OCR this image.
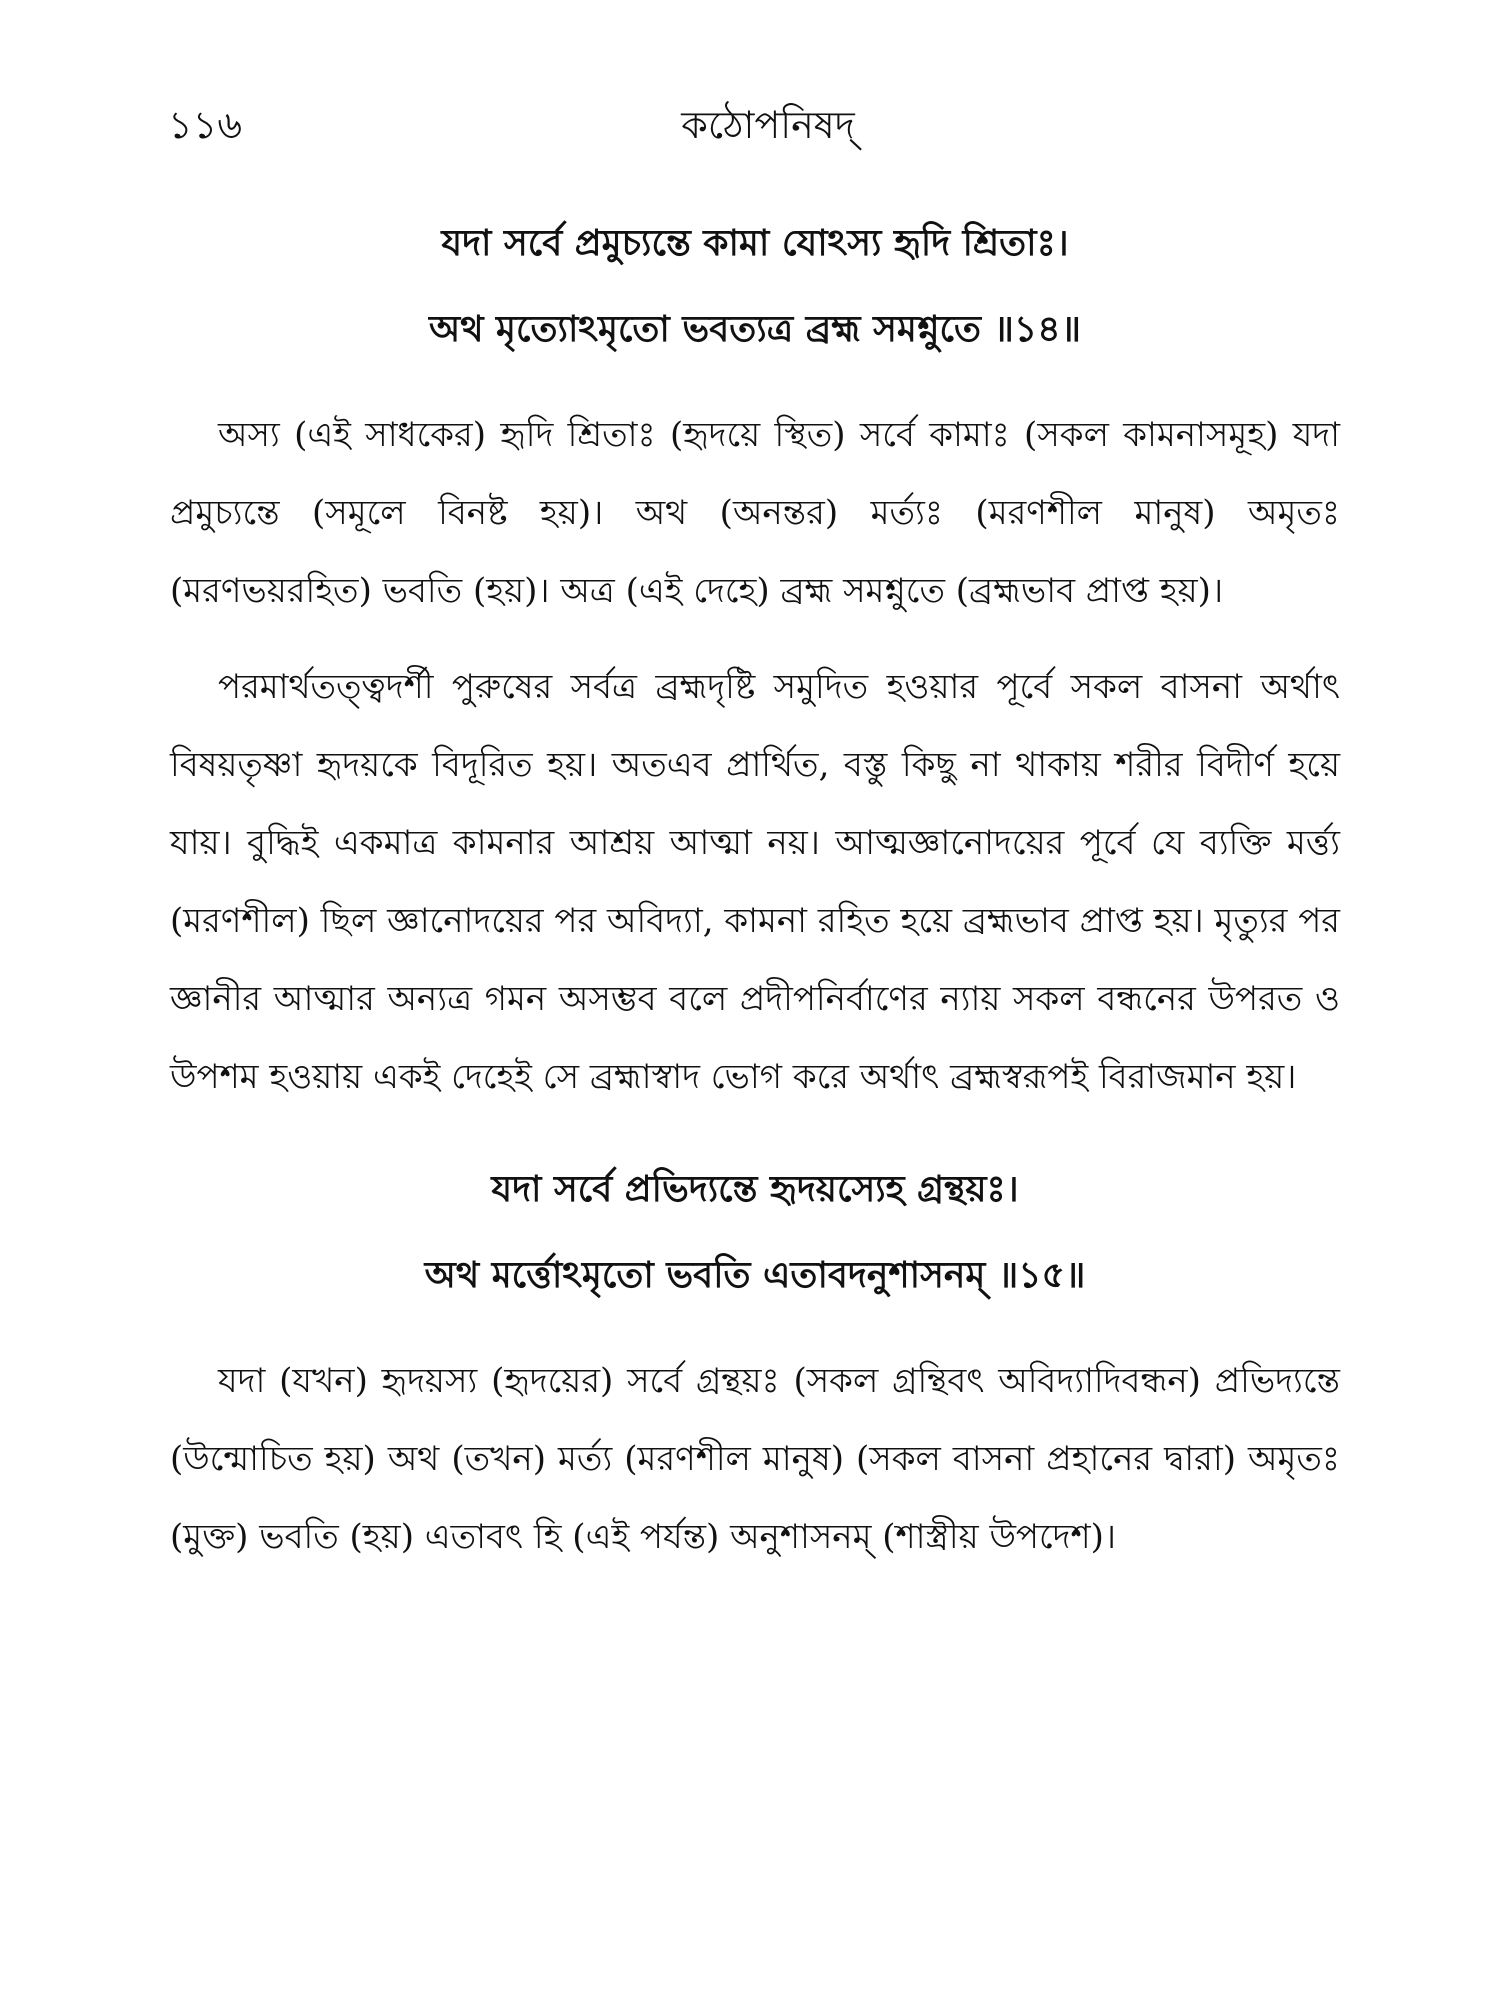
১১৬	কঠোপনিষদ্

যদা সর্বে প্রমুচ্যন্তে কামা যোঽস্য হৃদি শ্রিতাঃ।

অথ মৃত্যোঽমৃতো ভবত্যত্র ব্রহ্ম সমশ্নুতে ॥১৪॥

অস্য (এই সাধকের) হৃদি শ্রিতাঃ (হৃদয়ে স্থিত) সর্বে কামাঃ (সকল কামনাসমূহ) যদা প্রমুচ্যন্তে (সমূলে বিনষ্ট হয়)। অথ (অনন্তর) মর্ত্যঃ (মরণশীল মানুষ) অমৃতঃ (মরণভয়রহিত) ভবতি (হয়)। অত্র (এই দেহে) ব্রহ্ম সমশ্নুতে (ব্রহ্মভাব প্রাপ্ত হয়)।

পরমার্থতত্ত্বদর্শী পুরুষের সর্বত্র ব্রহ্মদৃষ্টি সমুদিত হওয়ার পূর্বে সকল বাসনা অর্থাৎ বিষয়তৃষ্ণা হৃদয়কে বিদূরিত হয়। অতএব প্রার্থিত, বস্তু কিছু না থাকায় শরীর বিদীর্ণ হয়ে যায়। বুদ্ধিই একমাত্র কামনার আশ্রয় আত্মা নয়। আত্মজ্ঞানোদয়ের পূর্বে যে ব্যক্তি মর্ত্ত্য (মরণশীল) ছিল জ্ঞানোদয়ের পর অবিদ্যা, কামনা রহিত হয়ে ব্রহ্মভাব প্রাপ্ত হয়। মৃত্যুর পর জ্ঞানীর আত্মার অন্যত্র গমন অসম্ভব বলে প্রদীপনির্বাণের ন্যায় সকল বন্ধনের উপরত ও উপশম হওয়ায় একই দেহেই সে ব্রহ্মাস্বাদ ভোগ করে অর্থাৎ ব্রহ্মস্বরূপই বিরাজমান হয়।

যদা সর্বে প্রভিদ্যন্তে হৃদয়স্যেহ গ্রন্থয়ঃ।

অথ মর্ত্তোঽমৃতো ভবতি এতাবদনুশাসনম্ ॥১৫॥

যদা (যখন) হৃদয়স্য (হৃদয়ের) সর্বে গ্রন্থয়ঃ (সকল গ্রন্থিবৎ অবিদ্যাদিবন্ধন) প্রভিদ্যন্তে (উন্মোচিত হয়) অথ (তখন) মর্ত্য (মরণশীল মানুষ) (সকল বাসনা প্রহানের দ্বারা) অমৃতঃ (মুক্ত) ভবতি (হয়) এতাবৎ হি (এই পর্যন্ত) অনুশাসনম্ (শাস্ত্রীয় উপদেশ)।
